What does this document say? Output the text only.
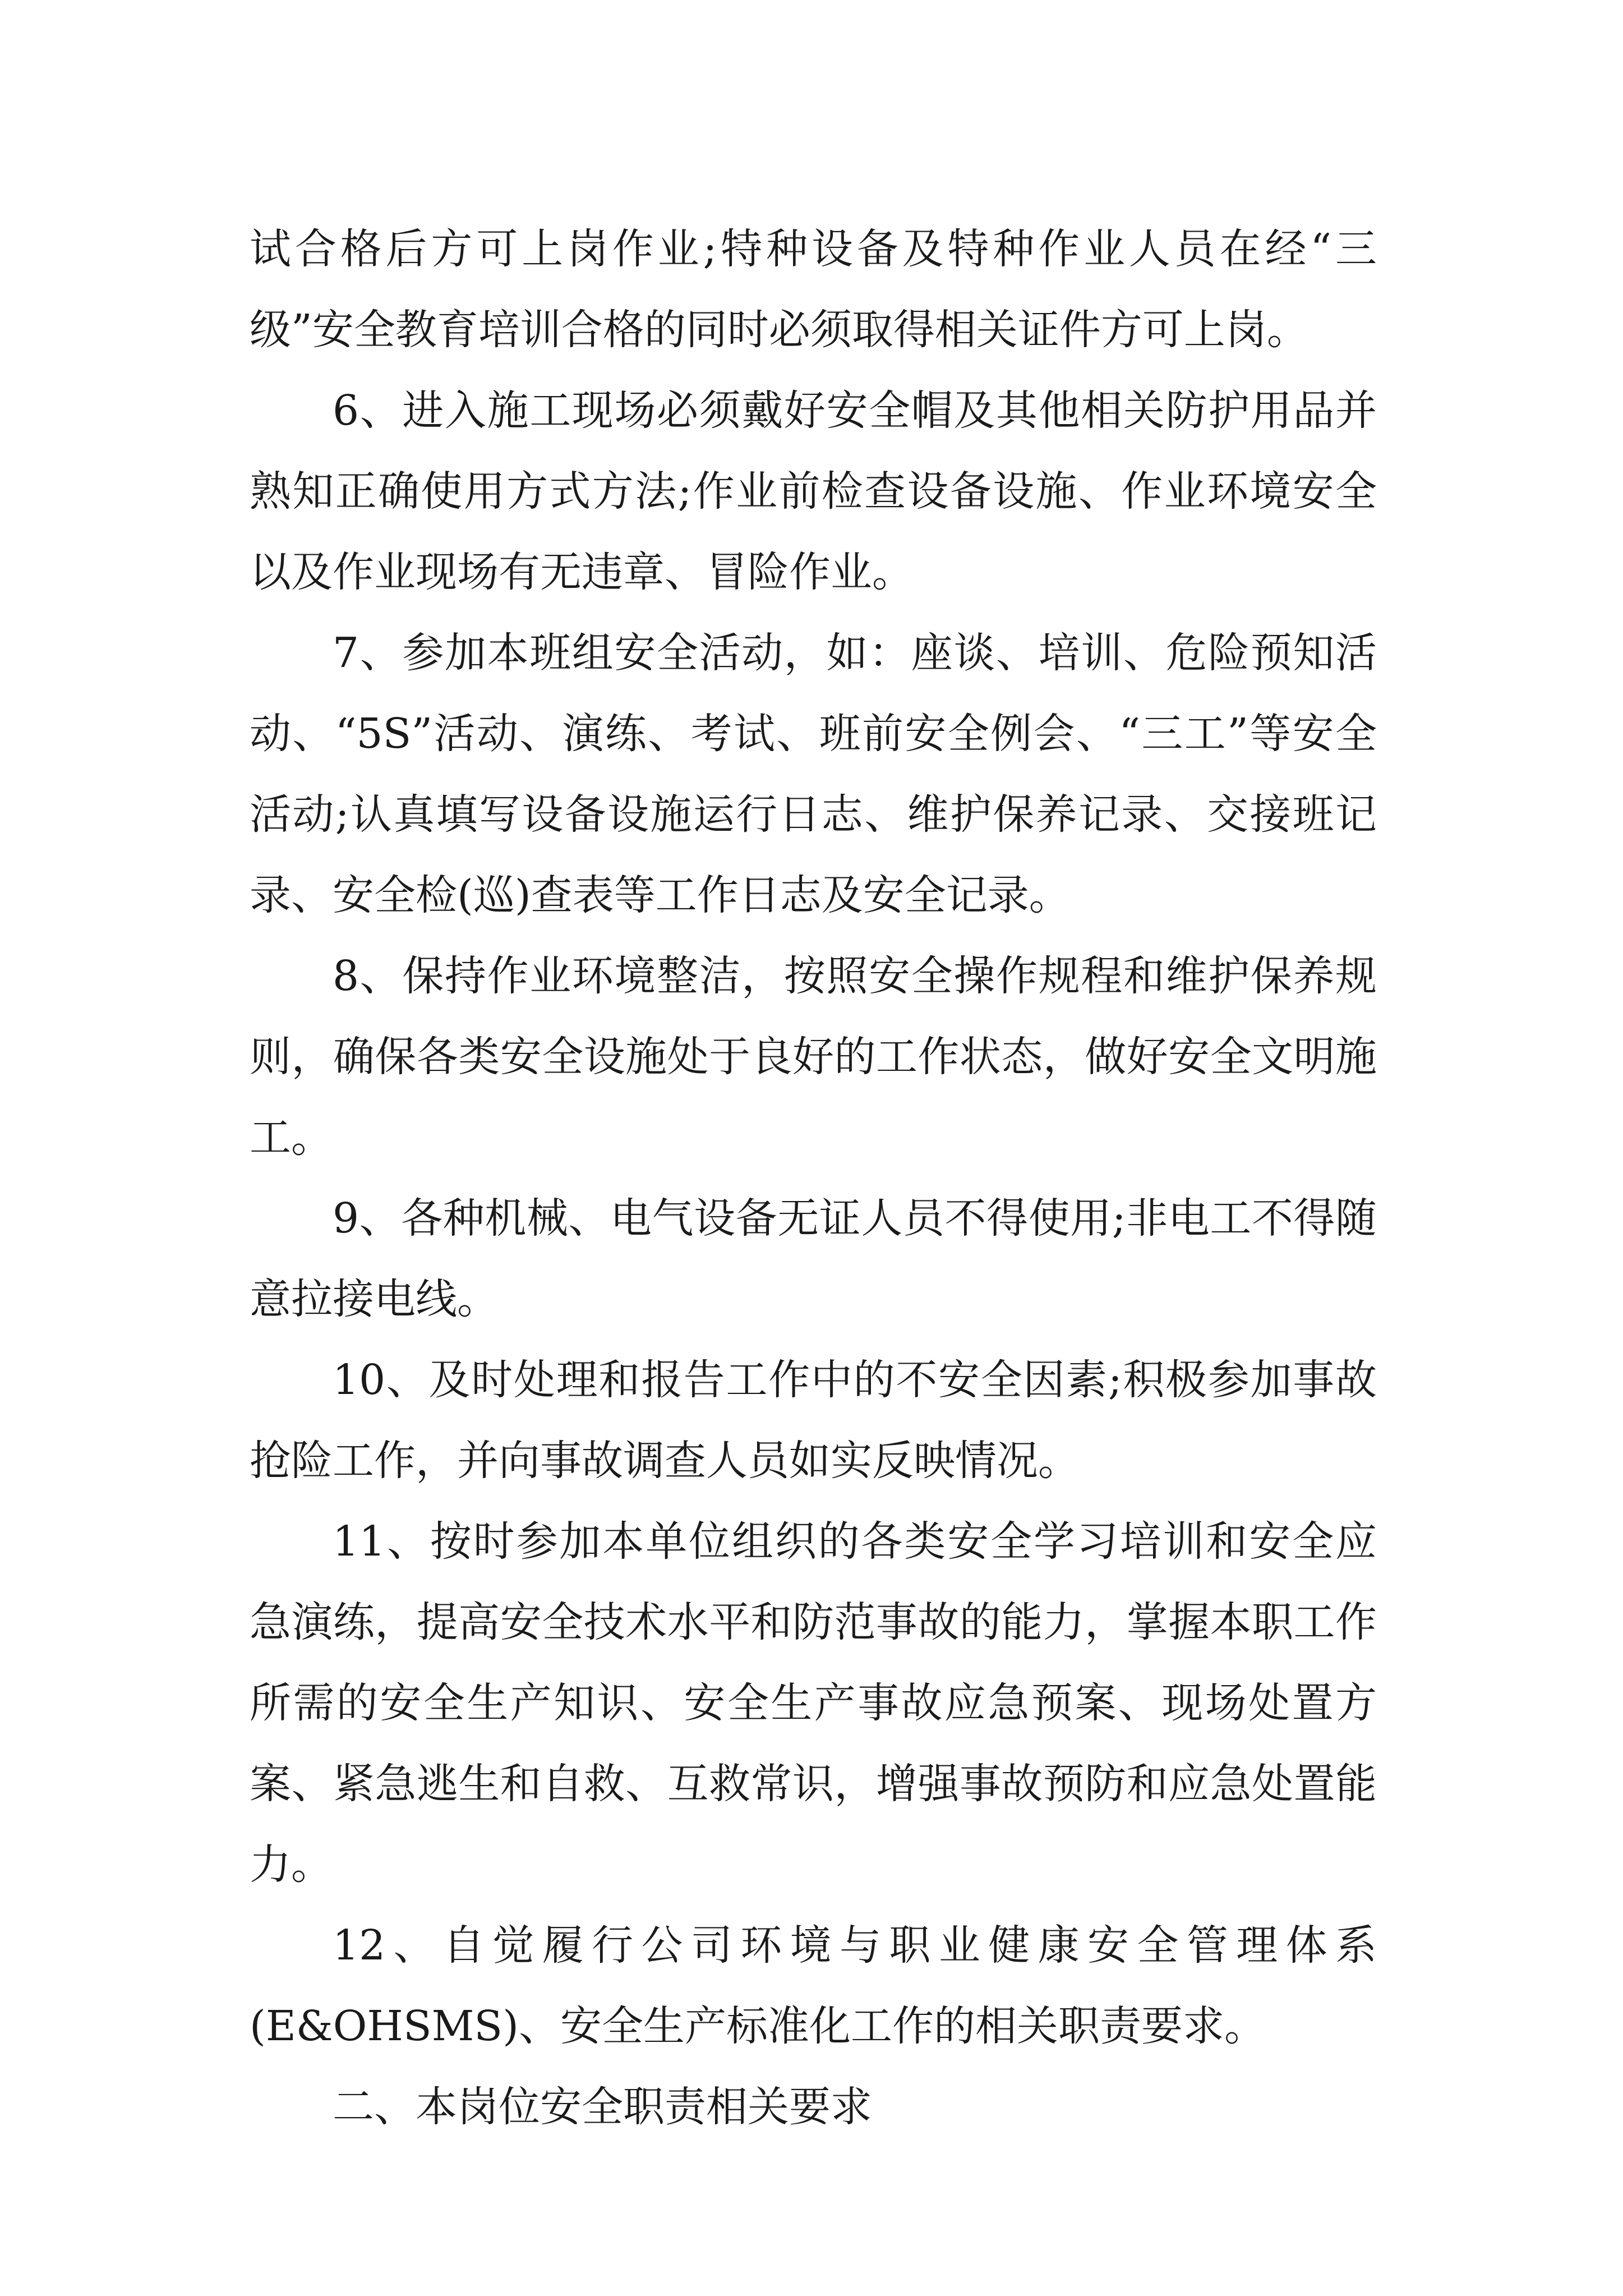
试合格后方可上岗作业;特种设备及特种作业人员在经“三级”安全教育培训合格的同时必须取得相关证件方可上岗。

6、进入施工现场必须戴好安全帽及其他相关防护用品并熟知正确使用方式方法;作业前检查设备设施、作业环境安全以及作业现场有无违章、冒险作业。

7、参加本班组安全活动，如：座谈、培训、危险预知活动、“5S”活动、演练、考试、班前安全例会、“三工”等安全活动;认真填写设备设施运行日志、维护保养记录、交接班记录、安全检(巡)查表等工作日志及安全记录。

8、保持作业环境整洁，按照安全操作规程和维护保养规则，确保各类安全设施处于良好的工作状态，做好安全文明施工。

9、各种机械、电气设备无证人员不得使用;非电工不得随意拉接电线。

10、及时处理和报告工作中的不安全因素;积极参加事故抢险工作，并向事故调查人员如实反映情况。

11、按时参加本单位组织的各类安全学习培训和安全应急演练，提高安全技术水平和防范事故的能力，掌握本职工作所需的安全生产知识、安全生产事故应急预案、现场处置方案、紧急逃生和自救、互救常识，增强事故预防和应急处置能力。

12、自觉履行公司环境与职业健康安全管理体系(E&OHSMS)、安全生产标准化工作的相关职责要求。

二、本岗位安全职责相关要求
